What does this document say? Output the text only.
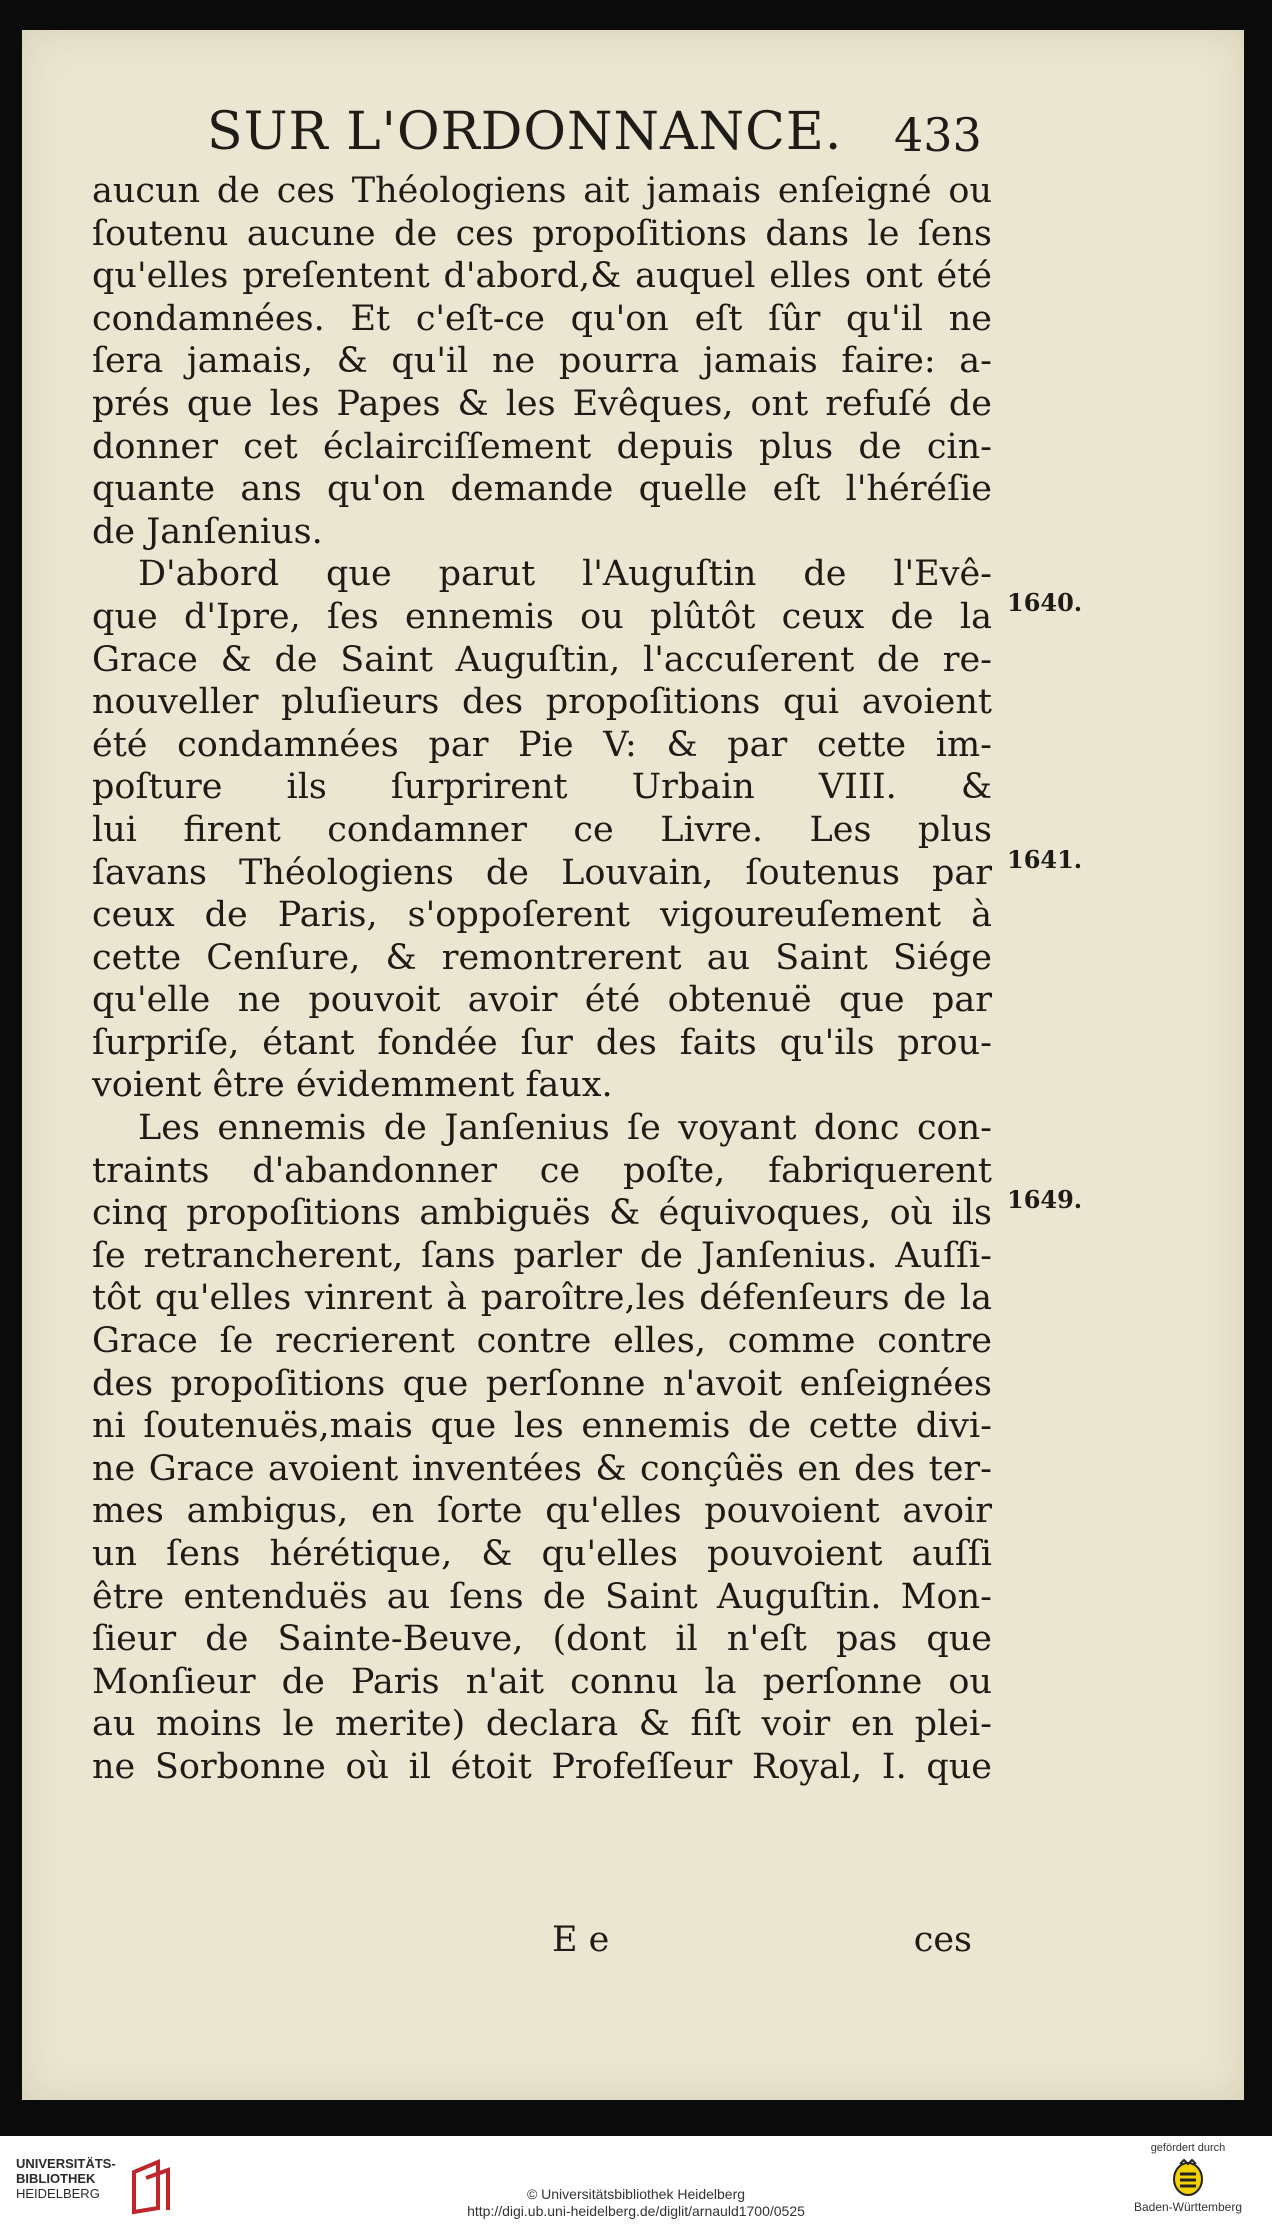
SUR L'ORDONNANCE. 433
aucun de ces Théologiens ait jamais enſeigné ou
ſoutenu aucune de ces propoſitions dans le ſens
qu'elles preſentent d'abord,& auquel elles ont été
condamnées. Et c'eſt-ce qu'on eſt ſûr qu'il ne
ſera jamais, & qu'il ne pourra jamais faire: a-
prés que les Papes & les Evêques, ont refuſé de
donner cet éclairciſſement depuis plus de cin-
quante ans qu'on demande quelle eſt l'héréſie
de Janſenius.
D'abord que parut l'Auguſtin de l'Evê-
que d'Ipre, ſes ennemis ou plûtôt ceux de la
Grace & de Saint Auguſtin, l'accuſerent de re-
nouveller pluſieurs des propoſitions qui avoient
été condamnées par Pie V: & par cette im-
poſture ils ſurprirent Urbain VIII. &
lui firent condamner ce Livre. Les plus
ſavans Théologiens de Louvain, ſoutenus par
ceux de Paris, s'oppoſerent vigoureuſement à
cette Cenſure, & remontrerent au Saint Siége
qu'elle ne pouvoit avoir été obtenuë que par
ſurpriſe, étant fondée ſur des faits qu'ils prou-
voient être évidemment faux.
Les ennemis de Janſenius ſe voyant donc con-
traints d'abandonner ce poſte, fabriquerent
cinq propoſitions ambiguës & équivoques, où ils
ſe retrancherent, ſans parler de Janſenius. Auſſi-
tôt qu'elles vinrent à paroître,les défenſeurs de la
Grace ſe recrierent contre elles, comme contre
des propoſitions que perſonne n'avoit enſeignées
ni ſoutenuës,mais que les ennemis de cette divi-
ne Grace avoient inventées & conçûës en des ter-
mes ambigus, en ſorte qu'elles pouvoient avoir
un ſens hérétique, & qu'elles pouvoient auſſi
être entenduës au ſens de Saint Auguſtin. Mon-
ſieur de Sainte-Beuve, (dont il n'eſt pas que
Monſieur de Paris n'ait connu la perſonne ou
au moins le merite) declara & fiſt voir en plei-
ne Sorbonne où il étoit Profeſſeur Royal, I. que
1640.
1641.
1649.
E e	ces
UNIVERSITÄTS-
BIBLIOTHEK
HEIDELBERG	© Universitätsbibliothek Heidelberg
http://digi.ub.uni-heidelberg.de/diglit/arnauld1700/0525
gefördert durch
Baden-Württemberg
